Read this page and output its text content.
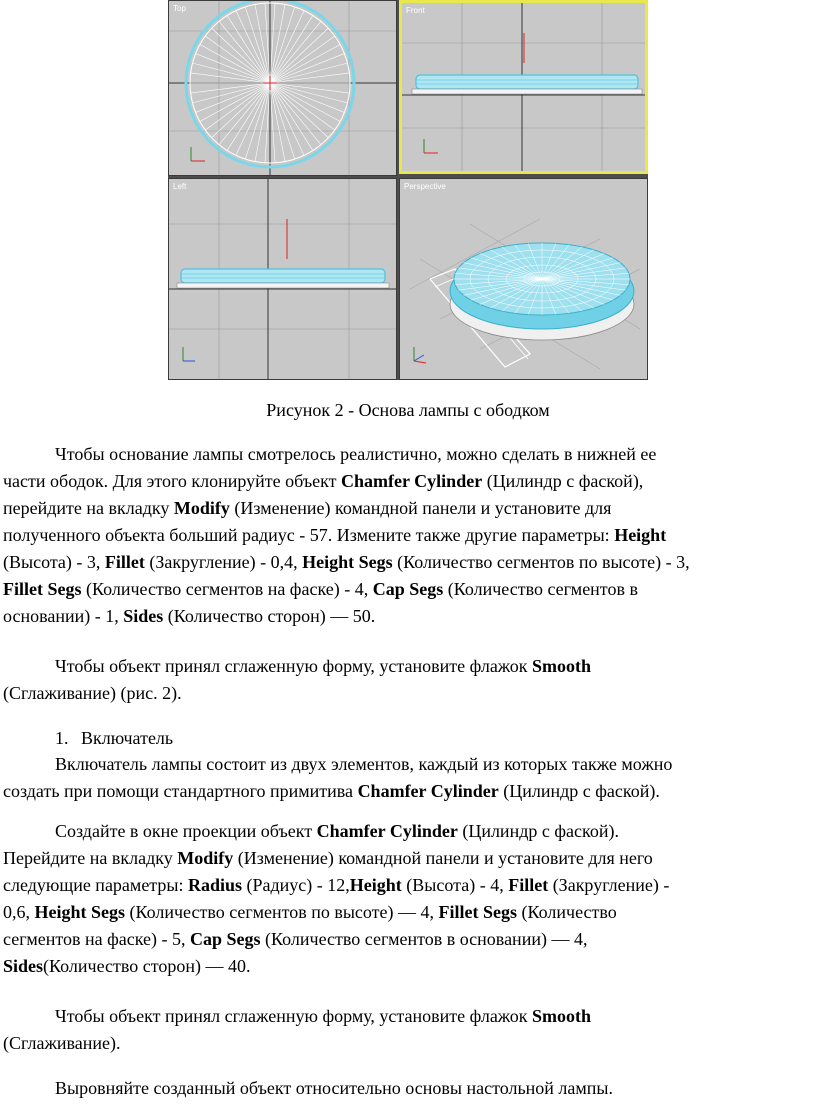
Top	Front
Left	Perspective
Рисунок 2 - Основа лампы с ободком
Чтобы основание лампы смотрелось реалистично, можно сделать в нижней ее
части ободок. Для этого клонируйте объект Chamfer Cylinder (Цилиндр с фаской),
перейдите на вкладку Modify (Изменение) командной панели и установите для
полученного объекта больший радиус - 57. Измените также другие параметры: Height
(Высота) - 3, Fillet (Закругление) - 0,4, Height Segs (Количество сегментов по высоте) - 3,
Fillet Segs (Количество сегментов на фаске) - 4, Cap Segs (Количество сегментов в
основании) - 1, Sides (Количество сторон) — 50.
Чтобы объект принял сглаженную форму, установите флажок Smooth
(Сглаживание) (рис. 2).
1. Включатель
Включатель лампы состоит из двух элементов, каждый из которых также можно
создать при помощи стандартного примитива Chamfer Cylinder (Цилиндр с фаской).
Создайте в окне проекции объект Chamfer Cylinder (Цилиндр с фаской).
Перейдите на вкладку Modify (Изменение) командной панели и установите для него
следующие параметры: Radius (Радиус) - 12,Height (Высота) - 4, Fillet (Закругление) -
0,6, Height Segs (Количество сегментов по высоте) — 4, Fillet Segs (Количество
сегментов на фаске) - 5, Cap Segs (Количество сегментов в основании) — 4,
Sides(Количество сторон) — 40.
Чтобы объект принял сглаженную форму, установите флажок Smooth
(Сглаживание).
Выровняйте созданный объект относительно основы настольной лампы.
